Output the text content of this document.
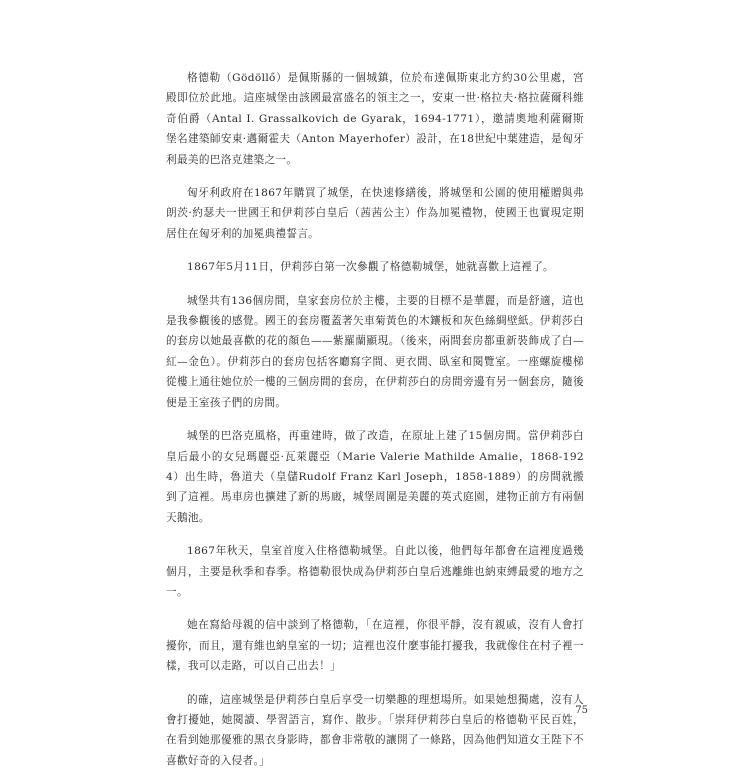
格德勒（Gödöllő）是佩斯縣的一個城鎮，位於布達佩斯東北方約30公里處，宮殿即位於此地。這座城堡由該國最富盛名的領主之一，安東一世·格拉夫·格拉薩爾科維奇伯爵（Antal I. Grassalkovich de Gyarak，1694-1771），邀請奧地利薩爾斯堡名建築師安東·邁爾霍夫（Anton Mayerhofer）設計，在18世紀中葉建造，是匈牙利最美的巴洛克建築之一。

匈牙利政府在1867年購買了城堡，在快速修繕後，將城堡和公園的使用權贈與弗朗茨·約瑟夫一世國王和伊莉莎白皇后（茜茜公主）作為加冕禮物，使國王也實現定期居住在匈牙利的加冕典禮誓言。

1867年5月11日，伊莉莎白第一次參觀了格德勒城堡，她就喜歡上這裡了。

城堡共有136個房間，皇家套房位於主樓，主要的目標不是華麗，而是舒適，這也是我參觀後的感覺。國王的套房覆蓋著矢車菊黃色的木鑲板和灰色絲綢壁紙。伊莉莎白的套房以她最喜歡的花的顏色——紫羅蘭顯現。（後來，兩間套房都重新裝飾成了白—紅—金色）。伊莉莎白的套房包括客廳寫字間、更衣間、臥室和閱覽室。一座螺旋樓梯從樓上通往她位於一樓的三個房間的套房，在伊莉莎白的房間旁邊有另一個套房，隨後便是王室孩子們的房間。

城堡的巴洛克風格，再重建時，做了改造，在原址上建了15個房間。當伊莉莎白皇后最小的女兒瑪麗亞·瓦萊麗亞（Marie Valerie Mathilde Amalie，1868-1924）出生時，魯道夫（皇儲Rudolf Franz Karl Joseph，1858-1889）的房間就搬到了這裡。馬車房也擴建了新的馬廄，城堡周圍是美麗的英式庭園，建物正前方有兩個天鵝池。

1867年秋天，皇室首度入住格德勒城堡。自此以後，他們每年都會在這裡度過幾個月，主要是秋季和春季。格德勒很快成為伊莉莎白皇后逃離維也納束縛最愛的地方之一。

她在寫給母親的信中談到了格德勒，「在這裡，你很平靜，沒有親戚，沒有人會打擾你，而且，還有維也納皇室的一切；這裡也沒什麼事能打擾我，我就像住在村子裡一樣，我可以走路，可以自己出去！」

的確，這座城堡是伊莉莎白皇后享受一切樂趣的理想場所。如果她想獨處，沒有人會打擾她，她閱讀、學習語言，寫作、散步。「崇拜伊莉莎白皇后的格德勒平民百姓，在看到她那優雅的黑衣身影時，都會非常敬的讓開了一條路，因為他們知道女王陛下不喜歡好奇的入侵者。」

75
